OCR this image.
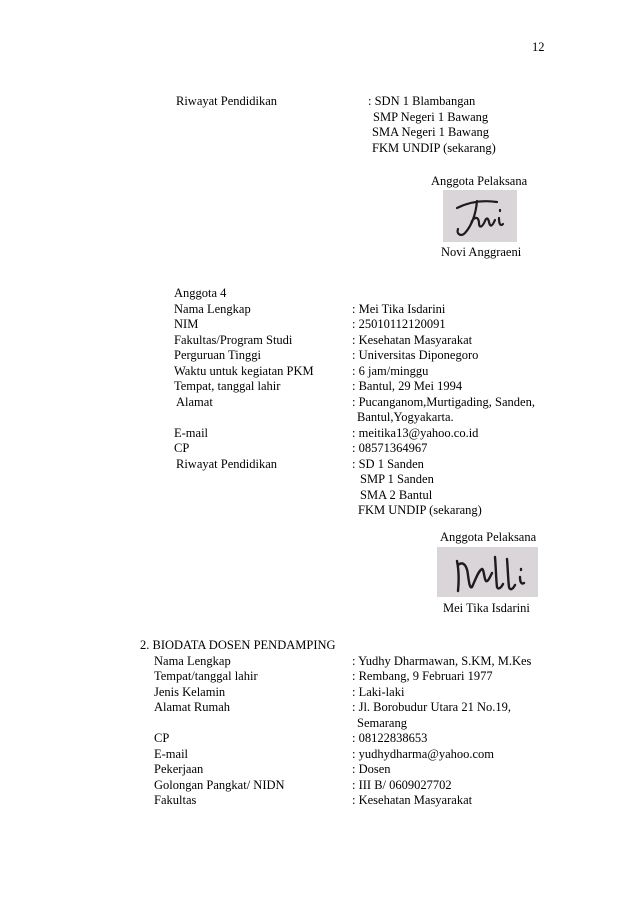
12
Riwayat Pendidikan	: SDN 1 Blambangan
SMP Negeri 1 Bawang
SMA Negeri 1 Bawang
FKM UNDIP (sekarang)
Anggota Pelaksana
Novi Anggraeni
Anggota 4
Nama Lengkap	: Mei Tika Isdarini
NIM	: 25010112120091
Fakultas/Program Studi	: Kesehatan Masyarakat
Perguruan Tinggi	: Universitas Diponegoro
Waktu untuk kegiatan PKM	: 6 jam/minggu
Tempat, tanggal lahir	: Bantul, 29 Mei 1994
Alamat	: Pucanganom,Murtigading, Sanden,
Bantul,Yogyakarta.
E-mail	: meitika13@yahoo.co.id
CP	: 08571364967
Riwayat Pendidikan	: SD 1 Sanden
SMP 1 Sanden
SMA 2 Bantul
FKM UNDIP (sekarang)
Anggota Pelaksana
Mei Tika Isdarini
2. BIODATA DOSEN PENDAMPING
Nama Lengkap	: Yudhy Dharmawan, S.KM, M.Kes
Tempat/tanggal lahir	: Rembang, 9 Februari 1977
Jenis Kelamin	: Laki-laki
Alamat Rumah	: Jl. Borobudur Utara 21 No.19,
Semarang
CP	: 08122838653
E-mail	: yudhydharma@yahoo.com
Pekerjaan	: Dosen
Golongan Pangkat/ NIDN	: III B/ 0609027702
Fakultas	: Kesehatan Masyarakat
